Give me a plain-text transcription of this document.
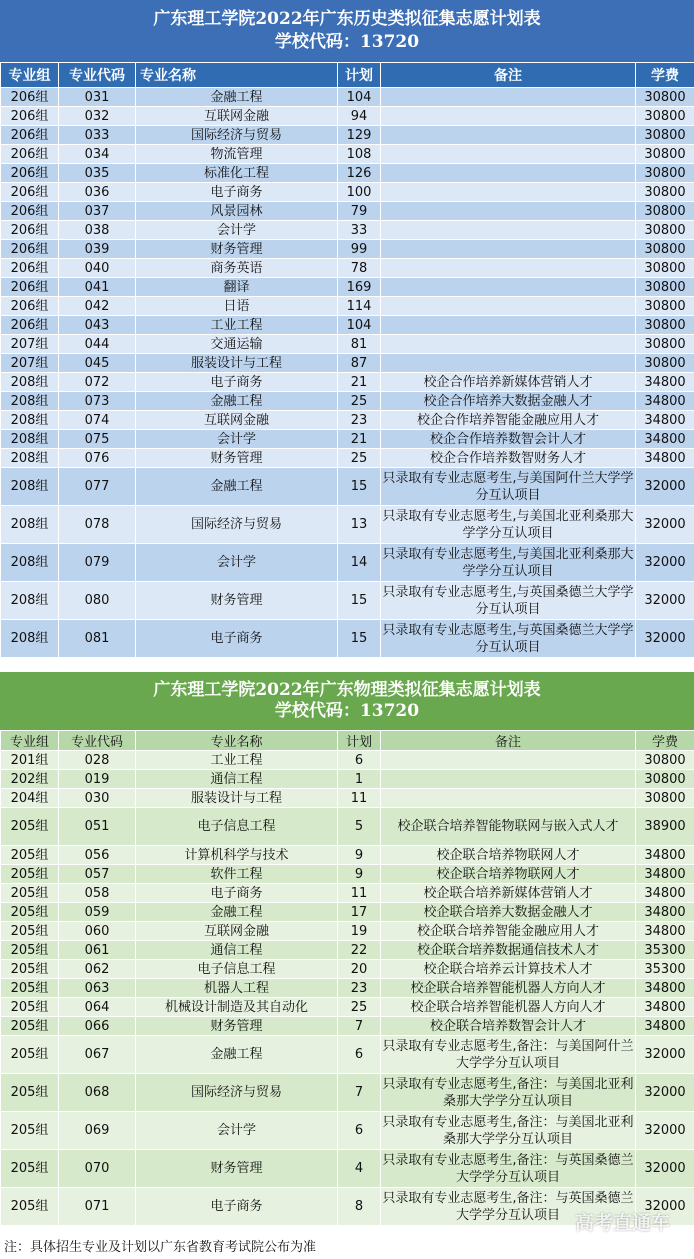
广东理工学院2022年广东历史类拟征集志愿计划表
学校代码：13720
专业组	专业代码	专业名称	计划	备注	学费
206组	031	金融工程	104		30800
206组	032	互联网金融	94		30800
206组	033	国际经济与贸易	129		30800
206组	034	物流管理	108		30800
206组	035	标准化工程	126		30800
206组	036	电子商务	100		30800
206组	037	风景园林	79		30800
206组	038	会计学	33		30800
206组	039	财务管理	99		30800
206组	040	商务英语	78		30800
206组	041	翻译	169		30800
206组	042	日语	114		30800
206组	043	工业工程	104		30800
207组	044	交通运输	81		30800
207组	045	服装设计与工程	87		30800
208组	072	电子商务	21	校企合作培养新媒体营销人才	34800
208组	073	金融工程	25	校企合作培养大数据金融人才	34800
208组	074	互联网金融	23	校企合作培养智能金融应用人才	34800
208组	075	会计学	21	校企合作培养数智会计人才	34800
208组	076	财务管理	25	校企合作培养数智财务人才	34800
208组	077	金融工程	15	只录取有专业志愿考生,与美国阿什兰大学学分互认项目	32000
208组	078	国际经济与贸易	13	只录取有专业志愿考生,与美国北亚利桑那大学学分互认项目	32000
208组	079	会计学	14	只录取有专业志愿考生,与美国北亚利桑那大学学分互认项目	32000
208组	080	财务管理	15	只录取有专业志愿考生,与英国桑德兰大学学分互认项目	32000
208组	081	电子商务	15	只录取有专业志愿考生,与英国桑德兰大学学分互认项目	32000
广东理工学院2022年广东物理类拟征集志愿计划表
学校代码：13720
专业组	专业代码	专业名称	计划	备注	学费
201组	028	工业工程	6		30800
202组	019	通信工程	1		30800
204组	030	服装设计与工程	11		30800
205组	051	电子信息工程	5	校企联合培养智能物联网与嵌入式人才	38900
205组	056	计算机科学与技术	9	校企联合培养物联网人才	34800
205组	057	软件工程	9	校企联合培养物联网人才	34800
205组	058	电子商务	11	校企联合培养新媒体营销人才	34800
205组	059	金融工程	17	校企联合培养大数据金融人才	34800
205组	060	互联网金融	19	校企联合培养智能金融应用人才	34800
205组	061	通信工程	22	校企联合培养数据通信技术人才	35300
205组	062	电子信息工程	20	校企联合培养云计算技术人才	35300
205组	063	机器人工程	23	校企联合培养智能机器人方向人才	34800
205组	064	机械设计制造及其自动化	25	校企联合培养智能机器人方向人才	34800
205组	066	财务管理	7	校企联合培养数智会计人才	34800
205组	067	金融工程	6	只录取有专业志愿考生,备注：与美国阿什兰大学学分互认项目	32000
205组	068	国际经济与贸易	7	只录取有专业志愿考生,备注：与美国北亚利桑那大学学分互认项目	32000
205组	069	会计学	6	只录取有专业志愿考生,备注：与美国北亚利桑那大学学分互认项目	32000
205组	070	财务管理	4	只录取有专业志愿考生,备注：与英国桑德兰大学学分互认项目	32000
205组	071	电子商务	8	只录取有专业志愿考生,备注：与英国桑德兰大学学分互认项目	32000
注：具体招生专业及计划以广东省教育考试院公布为准
高考直通车
